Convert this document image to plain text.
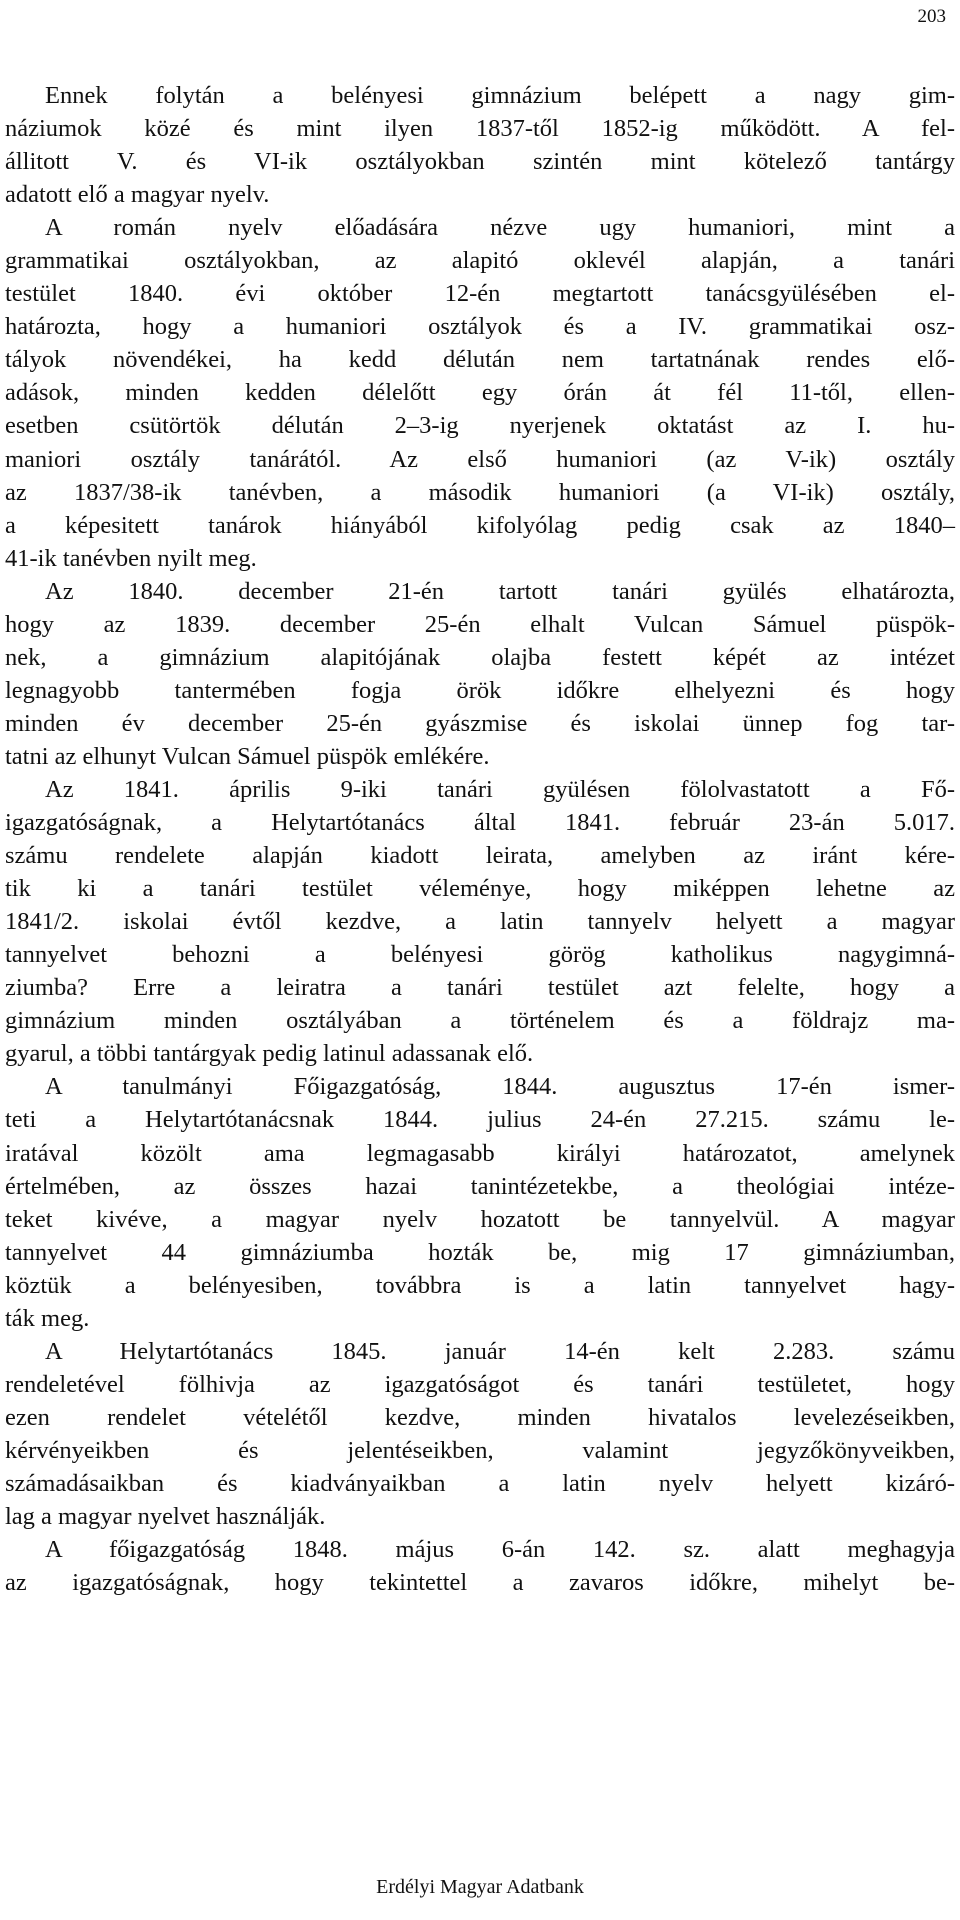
203
Ennek folytán a belényesi gimnázium belépett a nagy gim-
náziumok közé és mint ilyen 1837-től 1852-ig működött. A fel-
állitott V. és VI-ik osztályokban szintén mint kötelező tantárgy
adatott elő a magyar nyelv.
A román nyelv előadására nézve ugy humaniori, mint a
grammatikai osztályokban, az alapitó oklevél alapján, a tanári
testület 1840. évi október 12-én megtartott tanácsgyülésében el-
határozta, hogy a humaniori osztályok és a IV. grammatikai osz-
tályok növendékei, ha kedd délután nem tartatnának rendes elő-
adások, minden kedden délelőtt egy órán át fél 11-től, ellen-
esetben csütörtök délután 2–3-ig nyerjenek oktatást az I. hu-
maniori osztály tanárától. Az első humaniori (az V-ik) osztály
az 1837/38-ik tanévben, a második humaniori (a VI-ik) osztály,
a képesitett tanárok hiányából kifolyólag pedig csak az 1840–
41-ik tanévben nyilt meg.
Az 1840. december 21-én tartott tanári gyülés elhatározta,
hogy az 1839. december 25-én elhalt Vulcan Sámuel püspök-
nek, a gimnázium alapitójának olajba festett képét az intézet
legnagyobb tantermében fogja örök időkre elhelyezni és hogy
minden év december 25-én gyászmise és iskolai ünnep fog tar-
tatni az elhunyt Vulcan Sámuel püspök emlékére.
Az 1841. április 9-iki tanári gyülésen fölolvastatott a Fő-
igazgatóságnak, a Helytartótanács által 1841. február 23-án 5.017.
számu rendelete alapján kiadott leirata, amelyben az iránt kére-
tik ki a tanári testület véleménye, hogy miképpen lehetne az
1841/2. iskolai évtől kezdve, a latin tannyelv helyett a magyar
tannyelvet behozni a belényesi görög katholikus nagygimná-
ziumba? Erre a leiratra a tanári testület azt felelte, hogy a
gimnázium minden osztályában a történelem és a földrajz ma-
gyarul, a többi tantárgyak pedig latinul adassanak elő.
A tanulmányi Főigazgatóság, 1844. augusztus 17-én ismer-
teti a Helytartótanácsnak 1844. julius 24-én 27.215. számu le-
iratával közölt ama legmagasabb királyi határozatot, amelynek
értelmében, az összes hazai tanintézetekbe, a theológiai intéze-
teket kivéve, a magyar nyelv hozatott be tannyelvül. A magyar
tannyelvet 44 gimnáziumba hozták be, mig 17 gimnáziumban,
köztük a belényesiben, továbbra is a latin tannyelvet hagy-
ták meg.
A Helytartótanács 1845. január 14-én kelt 2.283. számu
rendeletével fölhivja az igazgatóságot és tanári testületet, hogy
ezen rendelet vételétől kezdve, minden hivatalos levelezéseikben,
kérvényeikben és jelentéseikben, valamint jegyzőkönyveikben,
számadásaikban és kiadványaikban a latin nyelv helyett kizáró-
lag a magyar nyelvet használják.
A főigazgatóság 1848. május 6-án 142. sz. alatt meghagyja
az igazgatóságnak, hogy tekintettel a zavaros időkre, mihelyt be-
Erdélyi Magyar Adatbank
